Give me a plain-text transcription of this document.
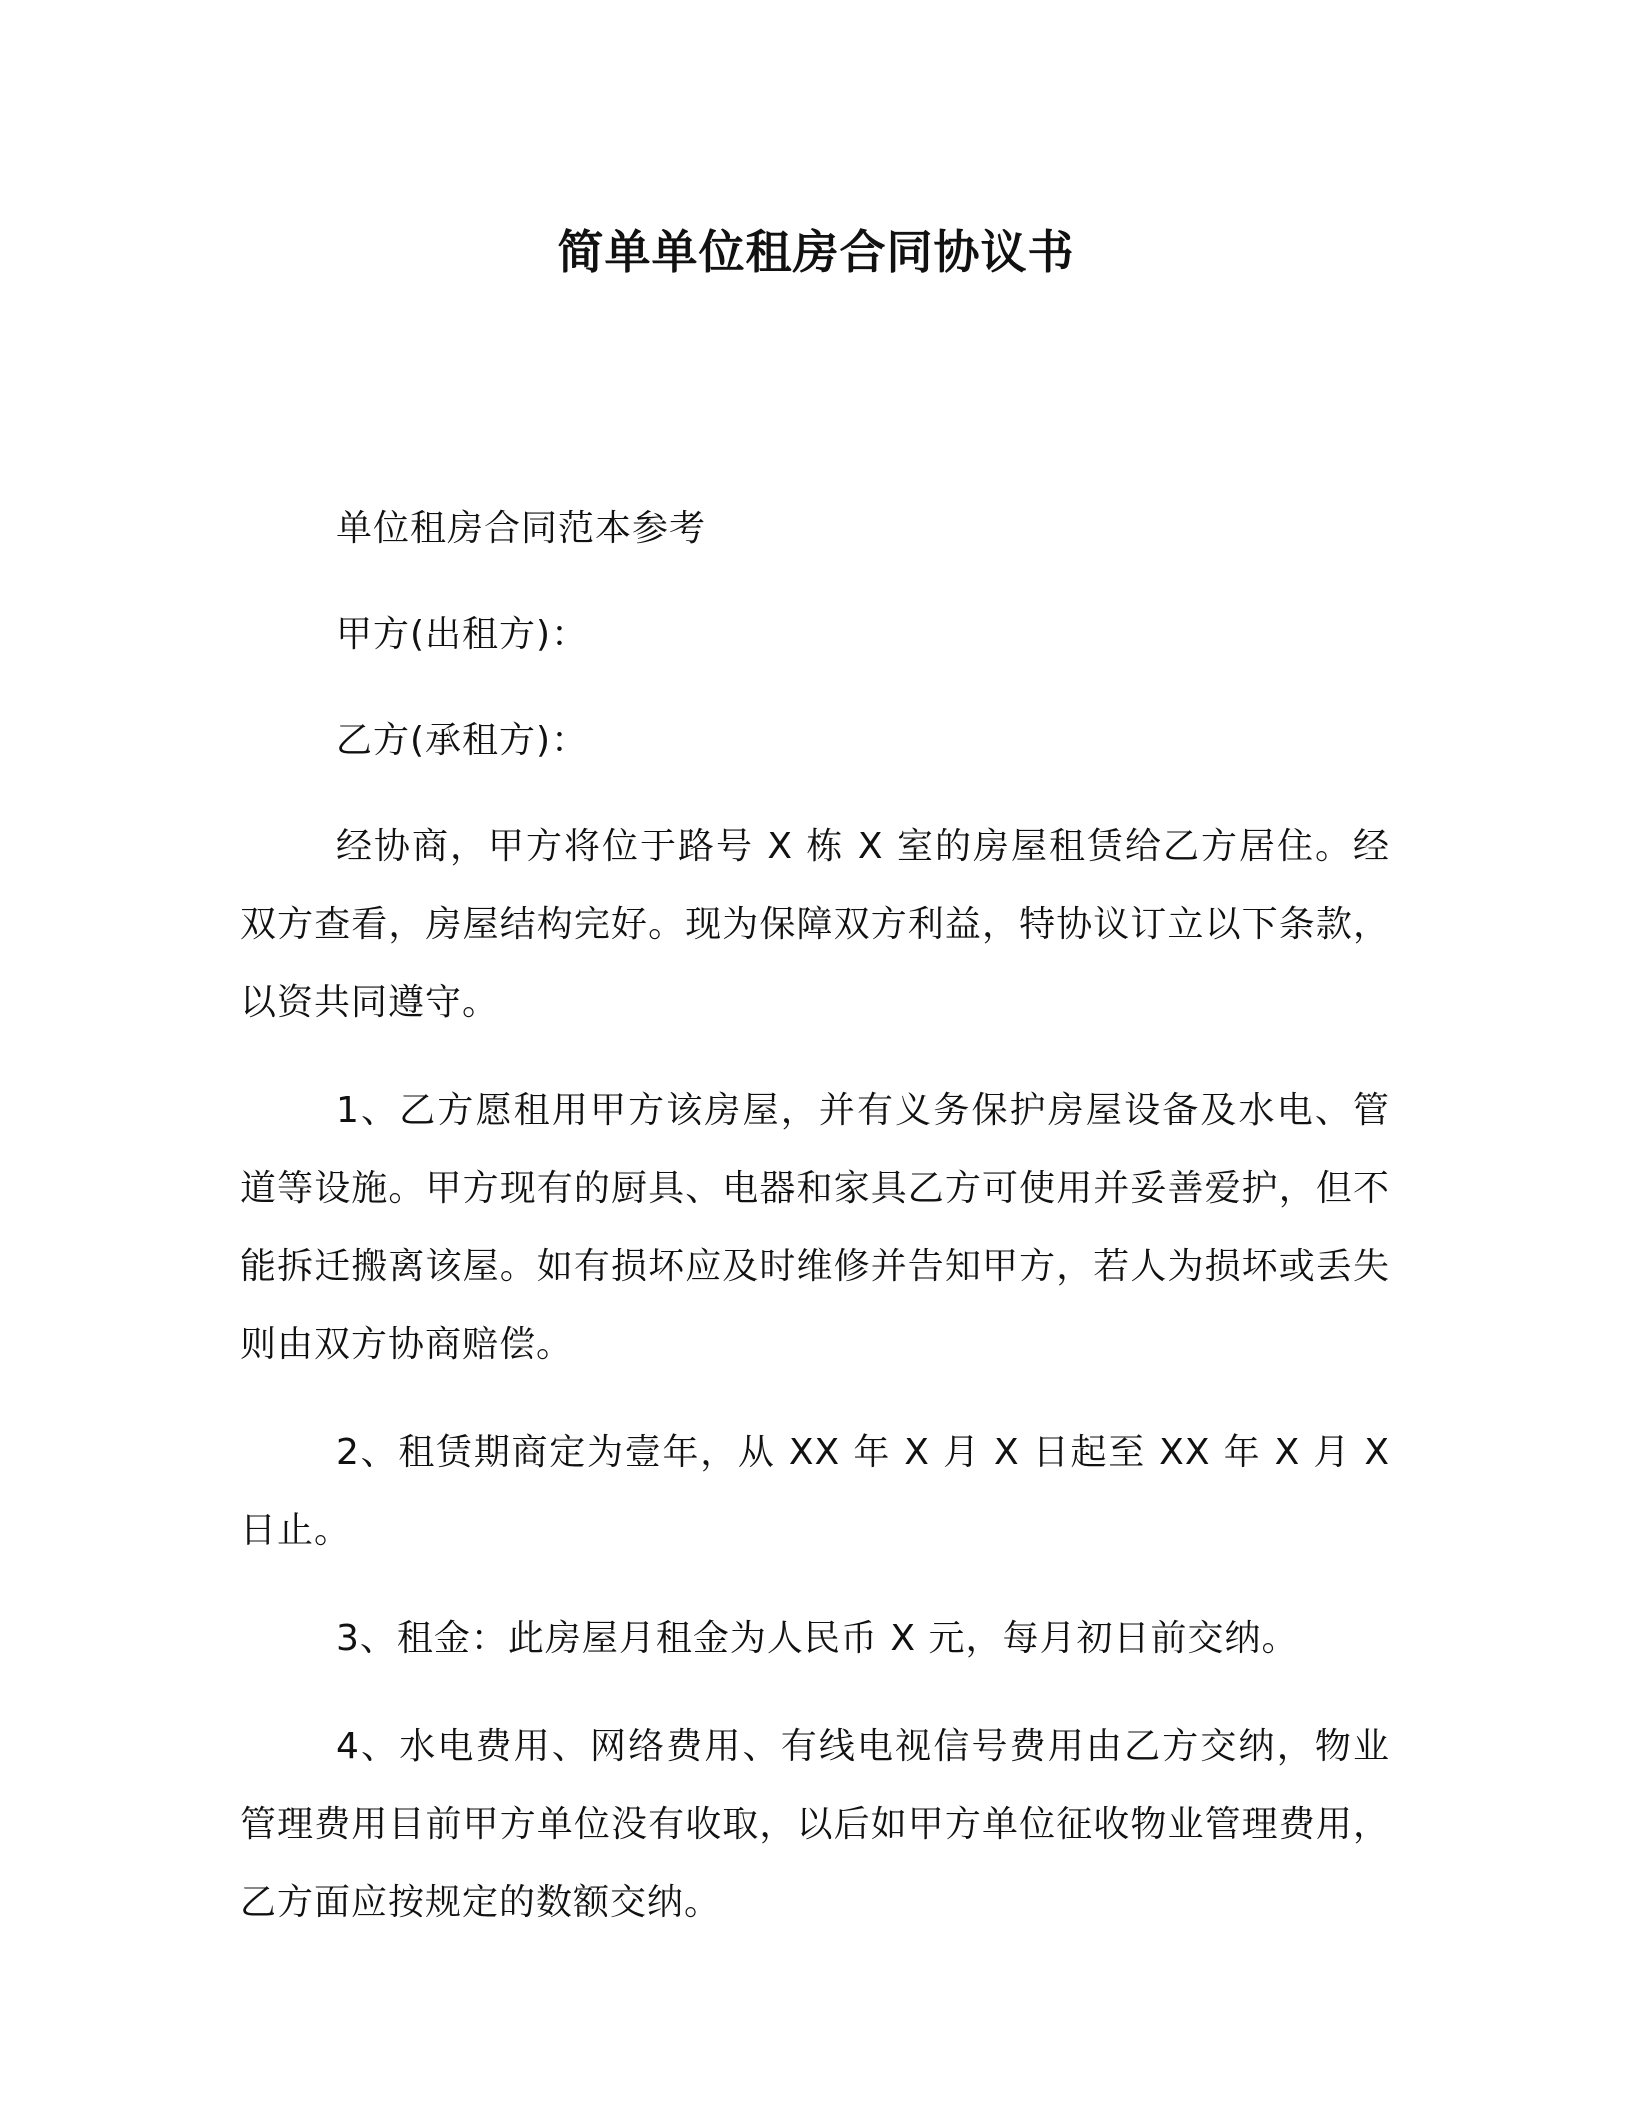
简单单位租房合同协议书

单位租房合同范本参考

甲方(出租方)：

乙方(承租方)：

经协商，甲方将位于路号 X 栋 X 室的房屋租赁给乙方居住。经双方查看，房屋结构完好。现为保障双方利益，特协议订立以下条款，以资共同遵守。

1、乙方愿租用甲方该房屋，并有义务保护房屋设备及水电、管道等设施。甲方现有的厨具、电器和家具乙方可使用并妥善爱护，但不能拆迁搬离该屋。如有损坏应及时维修并告知甲方，若人为损坏或丢失则由双方协商赔偿。

2、租赁期商定为壹年，从 XX 年 X 月 X 日起至 XX 年 X 月 X 日止。

3、租金：此房屋月租金为人民币 X 元，每月初日前交纳。

4、水电费用、网络费用、有线电视信号费用由乙方交纳，物业管理费用目前甲方单位没有收取，以后如甲方单位征收物业管理费用，乙方面应按规定的数额交纳。
